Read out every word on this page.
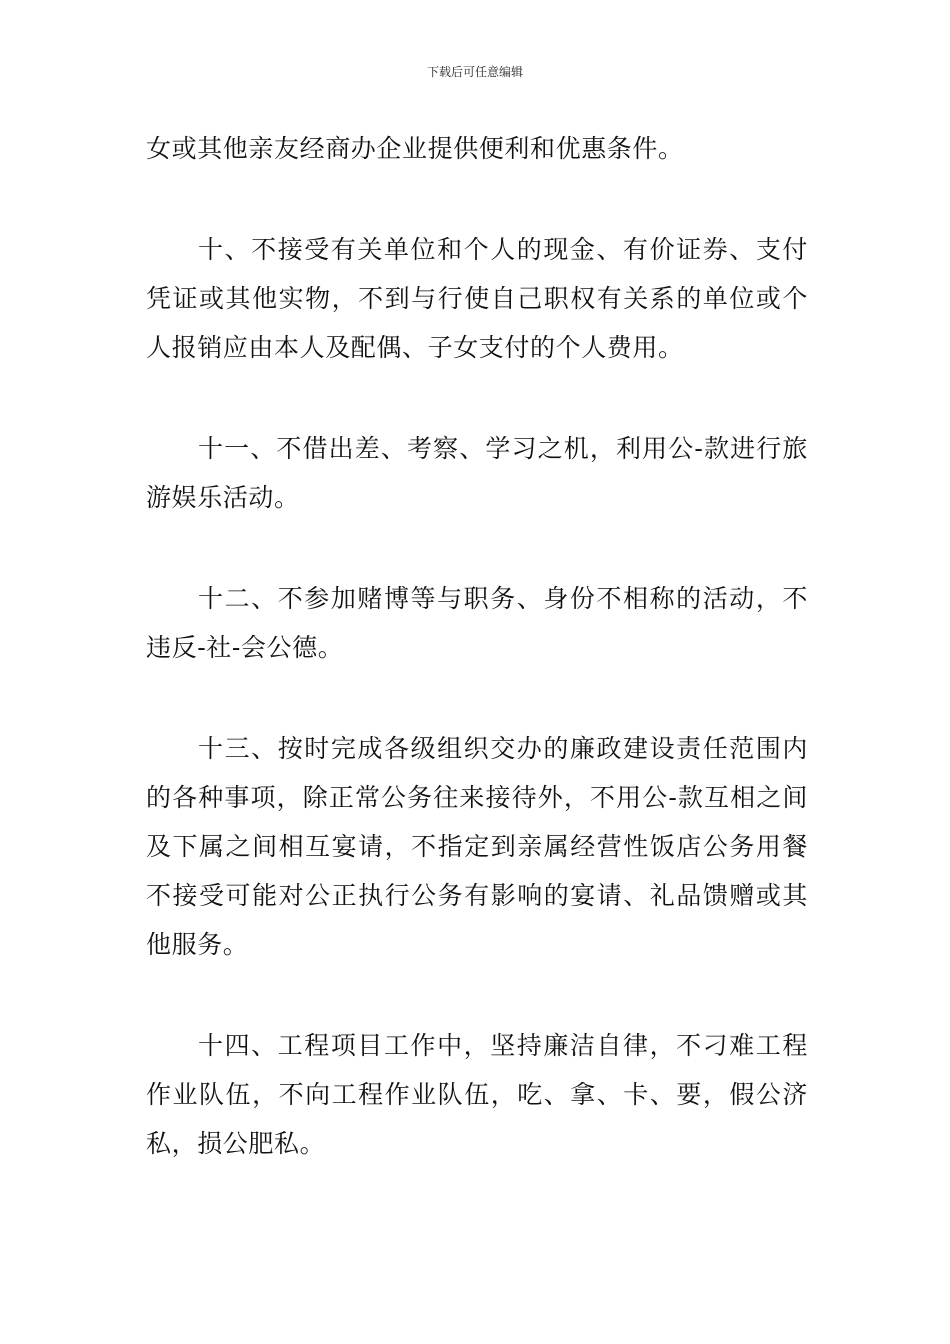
下载后可任意编辑

女或其他亲友经商办企业提供便利和优惠条件。

十、不接受有关单位和个人的现金、有价证券、支付凭证或其他实物，不到与行使自己职权有关系的单位或个人报销应由本人及配偶、子女支付的个人费用。

十一、不借出差、考察、学习之机，利用公-款进行旅游娱乐活动。

十二、不参加赌博等与职务、身份不相称的活动，不违反-社-会公德。

十三、按时完成各级组织交办的廉政建设责任范围内的各种事项，除正常公务往来接待外，不用公-款互相之间及下属之间相互宴请，不指定到亲属经营性饭店公务用餐不接受可能对公正执行公务有影响的宴请、礼品馈赠或其他服务。

十四、工程项目工作中，坚持廉洁自律，不刁难工程作业队伍，不向工程作业队伍，吃、拿、卡、要，假公济私，损公肥私。
